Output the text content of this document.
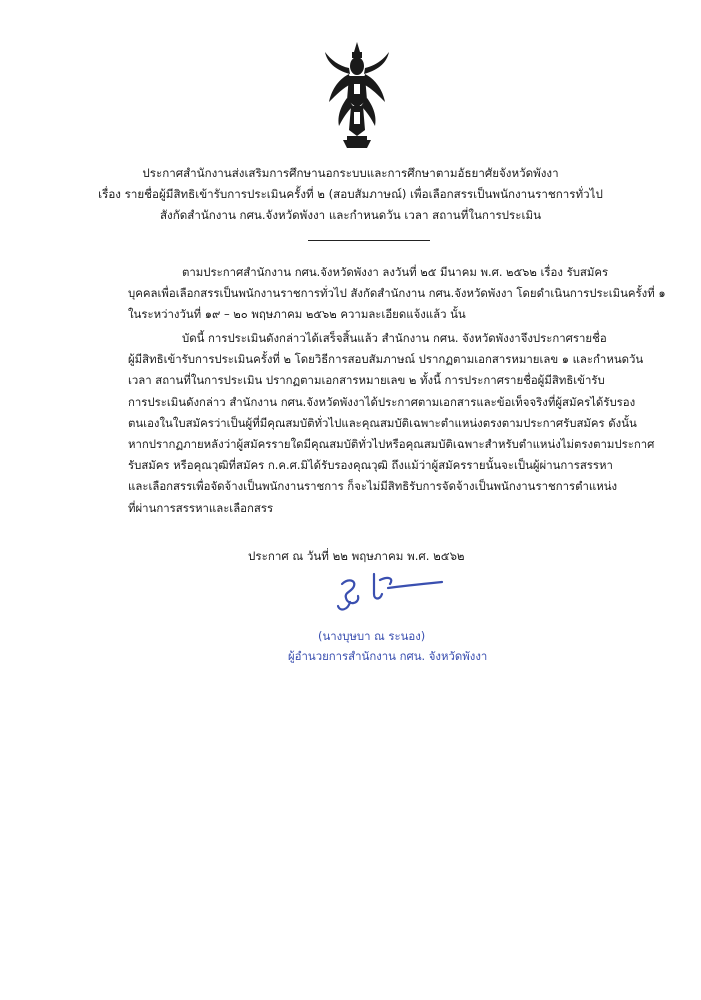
ประกาศสำนักงานส่งเสริมการศึกษานอกระบบและการศึกษาตามอัธยาศัยจังหวัดพังงา
เรื่อง รายชื่อผู้มีสิทธิเข้ารับการประเมินครั้งที่ ๒ (สอบสัมภาษณ์) เพื่อเลือกสรรเป็นพนักงานราชการทั่วไป
สังกัดสำนักงาน กศน.จังหวัดพังงา และกำหนดวัน เวลา สถานที่ในการประเมิน
ตามประกาศสำนักงาน กศน.จังหวัดพังงา ลงวันที่ ๒๕ มีนาคม พ.ศ. ๒๕๖๒ เรื่อง รับสมัคร
บุคคลเพื่อเลือกสรรเป็นพนักงานราชการทั่วไป สังกัดสำนักงาน กศน.จังหวัดพังงา โดยดำเนินการประเมินครั้งที่ ๑
ในระหว่างวันที่ ๑๙ – ๒๐ พฤษภาคม ๒๕๖๒ ความละเอียดแจ้งแล้ว นั้น
บัดนี้ การประเมินดังกล่าวได้เสร็จสิ้นแล้ว สำนักงาน กศน. จังหวัดพังงาจึงประกาศรายชื่อ
ผู้มีสิทธิเข้ารับการประเมินครั้งที่ ๒ โดยวิธีการสอบสัมภาษณ์ ปรากฏตามเอกสารหมายเลข ๑ และกำหนดวัน
เวลา สถานที่ในการประเมิน ปรากฏตามเอกสารหมายเลข ๒ ทั้งนี้ การประกาศรายชื่อผู้มีสิทธิเข้ารับ
การประเมินดังกล่าว สำนักงาน กศน.จังหวัดพังงาได้ประกาศตามเอกสารและข้อเท็จจริงที่ผู้สมัครได้รับรอง
ตนเองในใบสมัครว่าเป็นผู้ที่มีคุณสมบัติทั่วไปและคุณสมบัติเฉพาะตำแหน่งตรงตามประกาศรับสมัคร ดังนั้น
หากปรากฏภายหลังว่าผู้สมัครรายใดมีคุณสมบัติทั่วไปหรือคุณสมบัติเฉพาะสำหรับตำแหน่งไม่ตรงตามประกาศ
รับสมัคร หรือคุณวุฒิที่สมัคร ก.ค.ศ.มิได้รับรองคุณวุฒิ ถึงแม้ว่าผู้สมัครรายนั้นจะเป็นผู้ผ่านการสรรหา
และเลือกสรรเพื่อจัดจ้างเป็นพนักงานราชการ ก็จะไม่มีสิทธิรับการจัดจ้างเป็นพนักงานราชการตำแหน่ง
ที่ผ่านการสรรหาและเลือกสรร
ประกาศ ณ วันที่ ๒๒ พฤษภาคม พ.ศ. ๒๕๖๒
(นางบุษบา ณ ระนอง)
ผู้อำนวยการสำนักงาน กศน. จังหวัดพังงา
